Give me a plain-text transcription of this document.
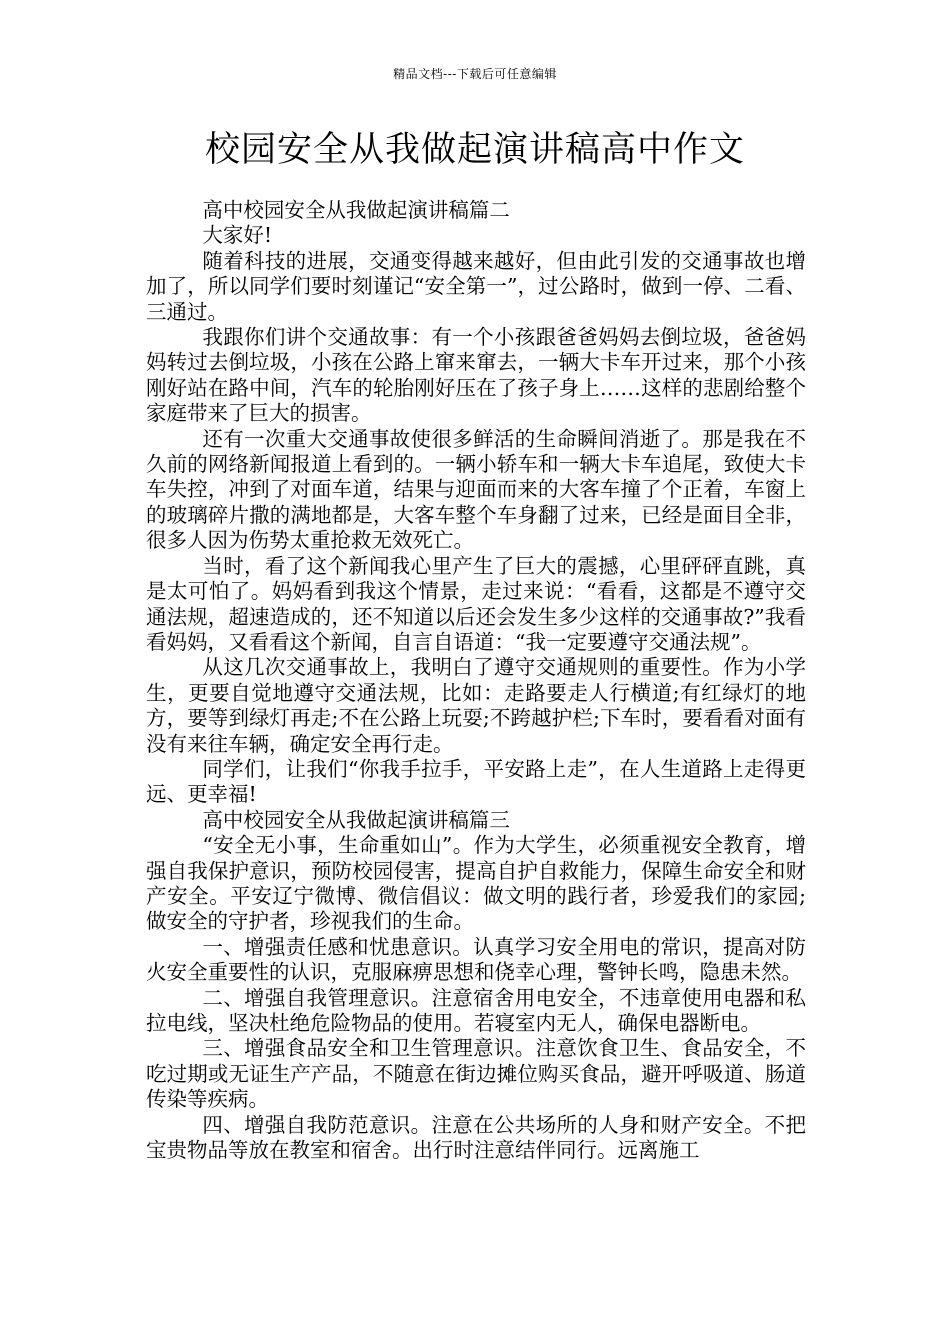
精品文档---下载后可任意编辑
校园安全从我做起演讲稿高中作文

高中校园安全从我做起演讲稿篇二

大家好!

随着科技的进展，交通变得越来越好，但由此引发的交通事故也增加了，所以同学们要时刻谨记“安全第一”，过公路时，做到一停、二看、三通过。

我跟你们讲个交通故事：有一个小孩跟爸爸妈妈去倒垃圾，爸爸妈妈转过去倒垃圾，小孩在公路上窜来窜去，一辆大卡车开过来，那个小孩刚好站在路中间，汽车的轮胎刚好压在了孩子身上……这样的悲剧给整个家庭带来了巨大的损害。

还有一次重大交通事故使很多鲜活的生命瞬间消逝了。那是我在不久前的网络新闻报道上看到的。一辆小轿车和一辆大卡车追尾，致使大卡车失控，冲到了对面车道，结果与迎面而来的大客车撞了个正着，车窗上的玻璃碎片撒的满地都是，大客车整个车身翻了过来，已经是面目全非，很多人因为伤势太重抢救无效死亡。

当时，看了这个新闻我心里产生了巨大的震撼，心里砰砰直跳，真是太可怕了。妈妈看到我这个情景，走过来说：“看看，这都是不遵守交通法规，超速造成的，还不知道以后还会发生多少这样的交通事故?”我看看妈妈，又看看这个新闻，自言自语道：“我一定要遵守交通法规”。

从这几次交通事故上，我明白了遵守交通规则的重要性。作为小学生，更要自觉地遵守交通法规，比如：走路要走人行横道;有红绿灯的地方，要等到绿灯再走;不在公路上玩耍;不跨越护栏;下车时，要看看对面有没有来往车辆，确定安全再行走。

同学们，让我们“你我手拉手，平安路上走”，在人生道路上走得更远、更幸福!

高中校园安全从我做起演讲稿篇三

“安全无小事，生命重如山”。作为大学生，必须重视安全教育，增强自我保护意识，预防校园侵害，提高自护自救能力，保障生命安全和财产安全。平安辽宁微博、微信倡议：做文明的践行者，珍爱我们的家园;做安全的守护者，珍视我们的生命。

一、增强责任感和忧患意识。认真学习安全用电的常识，提高对防火安全重要性的认识，克服麻痹思想和侥幸心理，警钟长鸣，隐患未然。

二、增强自我管理意识。注意宿舍用电安全，不违章使用电器和私拉电线，坚决杜绝危险物品的使用。若寝室内无人，确保电器断电。

三、增强食品安全和卫生管理意识。注意饮食卫生、食品安全，不吃过期或无证生产产品，不随意在街边摊位购买食品，避开呼吸道、肠道传染等疾病。

四、增强自我防范意识。注意在公共场所的人身和财产安全。不把宝贵物品等放在教室和宿舍。出行时注意结伴同行。远离施工
